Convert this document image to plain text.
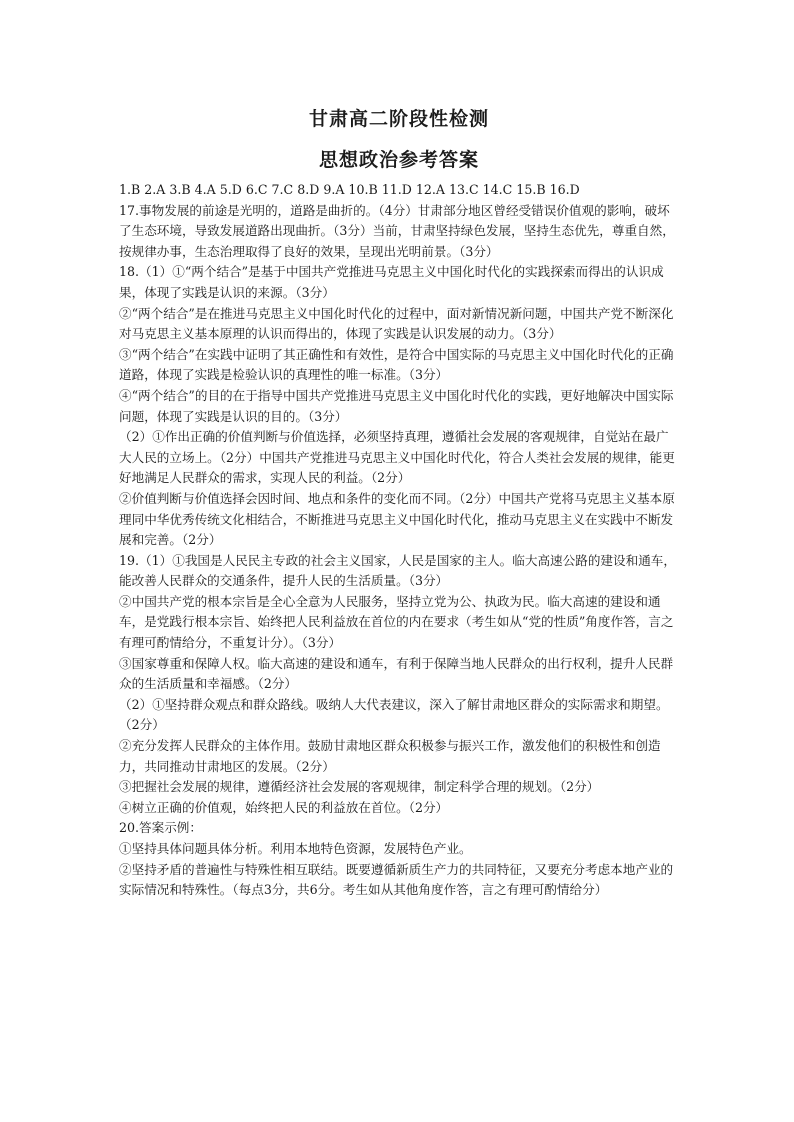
甘肃高二阶段性检测
思想政治参考答案

1.B 2.A 3.B 4.A 5.D 6.C 7.C 8.D 9.A 10.B 11.D 12.A 13.C 14.C 15.B 16.D

17.事物发展的前途是光明的，道路是曲折的。（4分）甘肃部分地区曾经受错误价值观的影响，破坏了生态环境，导致发展道路出现曲折。（3分）当前，甘肃坚持绿色发展，坚持生态优先，尊重自然，按规律办事，生态治理取得了良好的效果，呈现出光明前景。（3分）

18.（1）①“两个结合”是基于中国共产党推进马克思主义中国化时代化的实践探索而得出的认识成果，体现了实践是认识的来源。（3分）

②“两个结合”是在推进马克思主义中国化时代化的过程中，面对新情况新问题，中国共产党不断深化对马克思主义基本原理的认识而得出的，体现了实践是认识发展的动力。（3分）

③“两个结合”在实践中证明了其正确性和有效性，是符合中国实际的马克思主义中国化时代化的正确道路，体现了实践是检验认识的真理性的唯一标准。（3分）

④“两个结合”的目的在于指导中国共产党推进马克思主义中国化时代化的实践，更好地解决中国实际问题，体现了实践是认识的目的。（3分）

（2）①作出正确的价值判断与价值选择，必须坚持真理，遵循社会发展的客观规律，自觉站在最广大人民的立场上。（2分）中国共产党推进马克思主义中国化时代化，符合人类社会发展的规律，能更好地满足人民群众的需求，实现人民的利益。（2分）

②价值判断与价值选择会因时间、地点和条件的变化而不同。（2分）中国共产党将马克思主义基本原理同中华优秀传统文化相结合，不断推进马克思主义中国化时代化，推动马克思主义在实践中不断发展和完善。（2分）

19.（1）①我国是人民民主专政的社会主义国家，人民是国家的主人。临大高速公路的建设和通车，能改善人民群众的交通条件，提升人民的生活质量。（3分）

②中国共产党的根本宗旨是全心全意为人民服务，坚持立党为公、执政为民。临大高速的建设和通车，是党践行根本宗旨、始终把人民利益放在首位的内在要求（考生如从“党的性质”角度作答，言之有理可酌情给分，不重复计分）。（3分）

③国家尊重和保障人权。临大高速的建设和通车，有利于保障当地人民群众的出行权利，提升人民群众的生活质量和幸福感。（2分）

（2）①坚持群众观点和群众路线。吸纳人大代表建议，深入了解甘肃地区群众的实际需求和期望。（2分）

②充分发挥人民群众的主体作用。鼓励甘肃地区群众积极参与振兴工作，激发他们的积极性和创造力，共同推动甘肃地区的发展。（2分）

③把握社会发展的规律，遵循经济社会发展的客观规律，制定科学合理的规划。（2分）

④树立正确的价值观，始终把人民的利益放在首位。（2分）

20.答案示例：

①坚持具体问题具体分析。利用本地特色资源，发展特色产业。

②坚持矛盾的普遍性与特殊性相互联结。既要遵循新质生产力的共同特征，又要充分考虑本地产业的实际情况和特殊性。（每点3分，共6分。考生如从其他角度作答，言之有理可酌情给分）
